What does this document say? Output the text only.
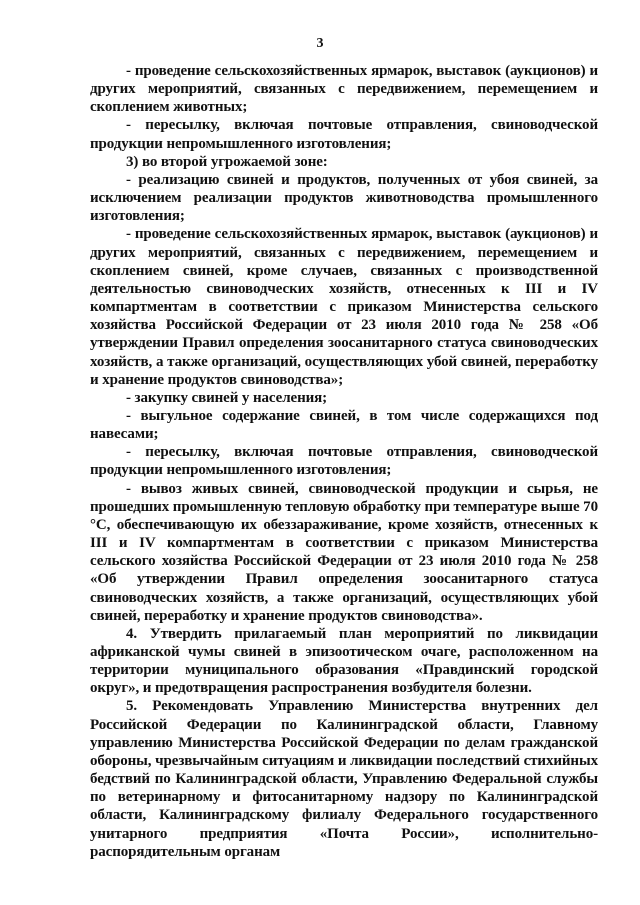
3

- проведение сельскохозяйственных ярмарок, выставок (аукционов) и других мероприятий, связанных с передвижением, перемещением и скоплением животных;

- пересылку, включая почтовые отправления, свиноводческой продукции непромышленного изготовления;

3) во второй угрожаемой зоне:

- реализацию свиней и продуктов, полученных от убоя свиней, за исключением реализации продуктов животноводства промышленного изготовления;

- проведение сельскохозяйственных ярмарок, выставок (аукционов) и других мероприятий, связанных с передвижением, перемещением и скоплением свиней, кроме случаев, связанных с производственной деятельностью свиноводческих хозяйств, отнесенных к III и IV компартментам в соответствии с приказом Министерства сельского хозяйства Российской Федерации от 23 июля 2010 года № 258 «Об утверждении Правил определения зоосанитарного статуса свиноводческих хозяйств, а также организаций, осуществляющих убой свиней, переработку и хранение продуктов свиноводства»;

- закупку свиней у населения;

- выгульное содержание свиней, в том числе содержащихся под навесами;

- пересылку, включая почтовые отправления, свиноводческой продукции непромышленного изготовления;

- вывоз живых свиней, свиноводческой продукции и сырья, не прошедших промышленную тепловую обработку при температуре выше 70 °С, обеспечивающую их обеззараживание, кроме хозяйств, отнесенных к III и IV компартментам в соответствии с приказом Министерства сельского хозяйства Российской Федерации от 23 июля 2010 года № 258 «Об утверждении Правил определения зоосанитарного статуса свиноводческих хозяйств, а также организаций, осуществляющих убой свиней, переработку и хранение продуктов свиноводства».

4. Утвердить прилагаемый план мероприятий по ликвидации африканской чумы свиней в эпизоотическом очаге, расположенном на территории муниципального образования «Правдинский городской округ», и предотвращения распространения возбудителя болезни.

5. Рекомендовать Управлению Министерства внутренних дел Российской Федерации по Калининградской области, Главному управлению Министерства Российской Федерации по делам гражданской обороны, чрезвычайным ситуациям и ликвидации последствий стихийных бедствий по Калининградской области, Управлению Федеральной службы по ветеринарному и фитосанитарному надзору по Калининградской области, Калининградскому филиалу Федерального государственного унитарного предприятия «Почта России», исполнительно-распорядительным органам
